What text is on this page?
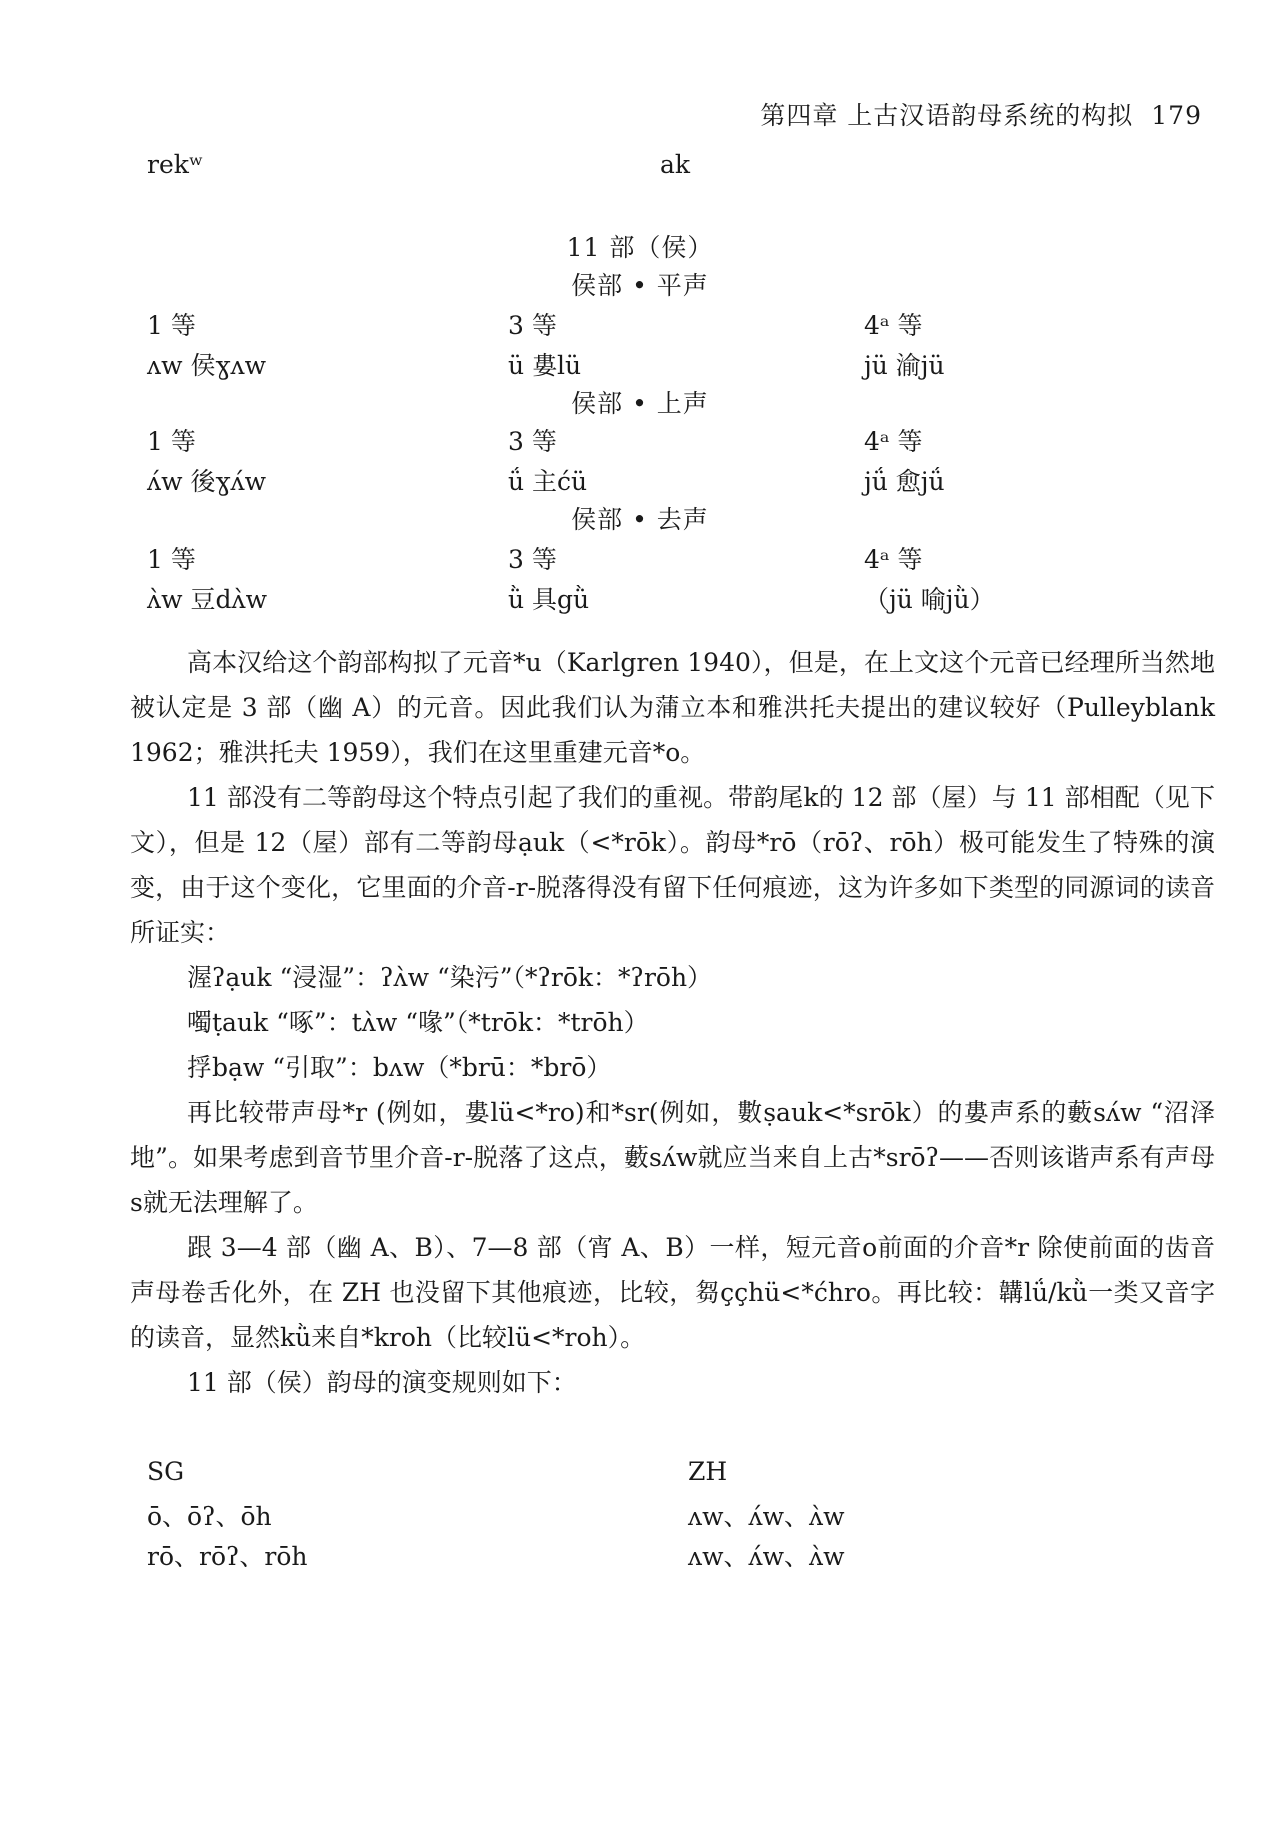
第四章 上古汉语韵母系统的构拟 179
rekʷ	ak
11 部（侯）
侯部 • 平声
1 等	3 等	4ᵃ 等
ʌw 侯ɣʌw	ü 婁lü	jü 渝jü
侯部 • 上声
1 等	3 等	4ᵃ 等
ʌ́w 後ɣʌ́w	ǘ 主ćü	jǘ 愈jǘ
侯部 • 去声
1 等	3 等	4ᵃ 等
ʌ̀w 豆dʌ̀w	ǜ 具gǜ	（jü 喻jǜ）

高本汉给这个韵部构拟了元音*u（Karlgren 1940），但是，在上文这个元音已经理所当然地被认定是 3 部（幽 A）的元音。因此我们认为蒲立本和雅洪托夫提出的建议较好（Pulleyblank 1962；雅洪托夫 1959），我们在这里重建元音*o。

11 部没有二等韵母这个特点引起了我们的重视。带韵尾k的 12 部（屋）与 11 部相配（见下文），但是 12（屋）部有二等韵母ạuk（<*rōk）。韵母*rō（rōʔ、rōh）极可能发生了特殊的演变，由于这个变化，它里面的介音-r-脱落得没有留下任何痕迹，这为许多如下类型的同源词的读音所证实：

渥ʔạuk “浸湿”：ʔʌ̀w “染污”（*ʔrōk：*ʔrōh）

噣ṭauk “啄”：tʌ̀w “喙”（*trōk：*trōh）

捊bạw “引取”：bʌw（*brū：*brō）

再比较带声母*r (例如，婁lü<*ro)和*sr(例如，數ṣauk<*srōk）的婁声系的藪sʌ́w “沼泽地”。如果考虑到音节里介音-r-脱落了这点，藪sʌ́w就应当来自上古*srōʔ——否则该谐声系有声母s就无法理解了。

跟 3—4 部（幽 A、B）、7—8 部（宵 A、B）一样，短元音o前面的介音*r 除使前面的齿音声母卷舌化外，在 ZH 也没留下其他痕迹，比较，芻ççhü<*ćhro。再比较：韝lǘ/kǜ一类又音字的读音，显然kǜ来自*kroh（比较lü<*roh）。

11 部（侯）韵母的演变规则如下：

SG	ZH
ō、ōʔ、ōh	ʌw、ʌ́w、ʌ̀w
rō、rōʔ、rōh	ʌw、ʌ́w、ʌ̀w
